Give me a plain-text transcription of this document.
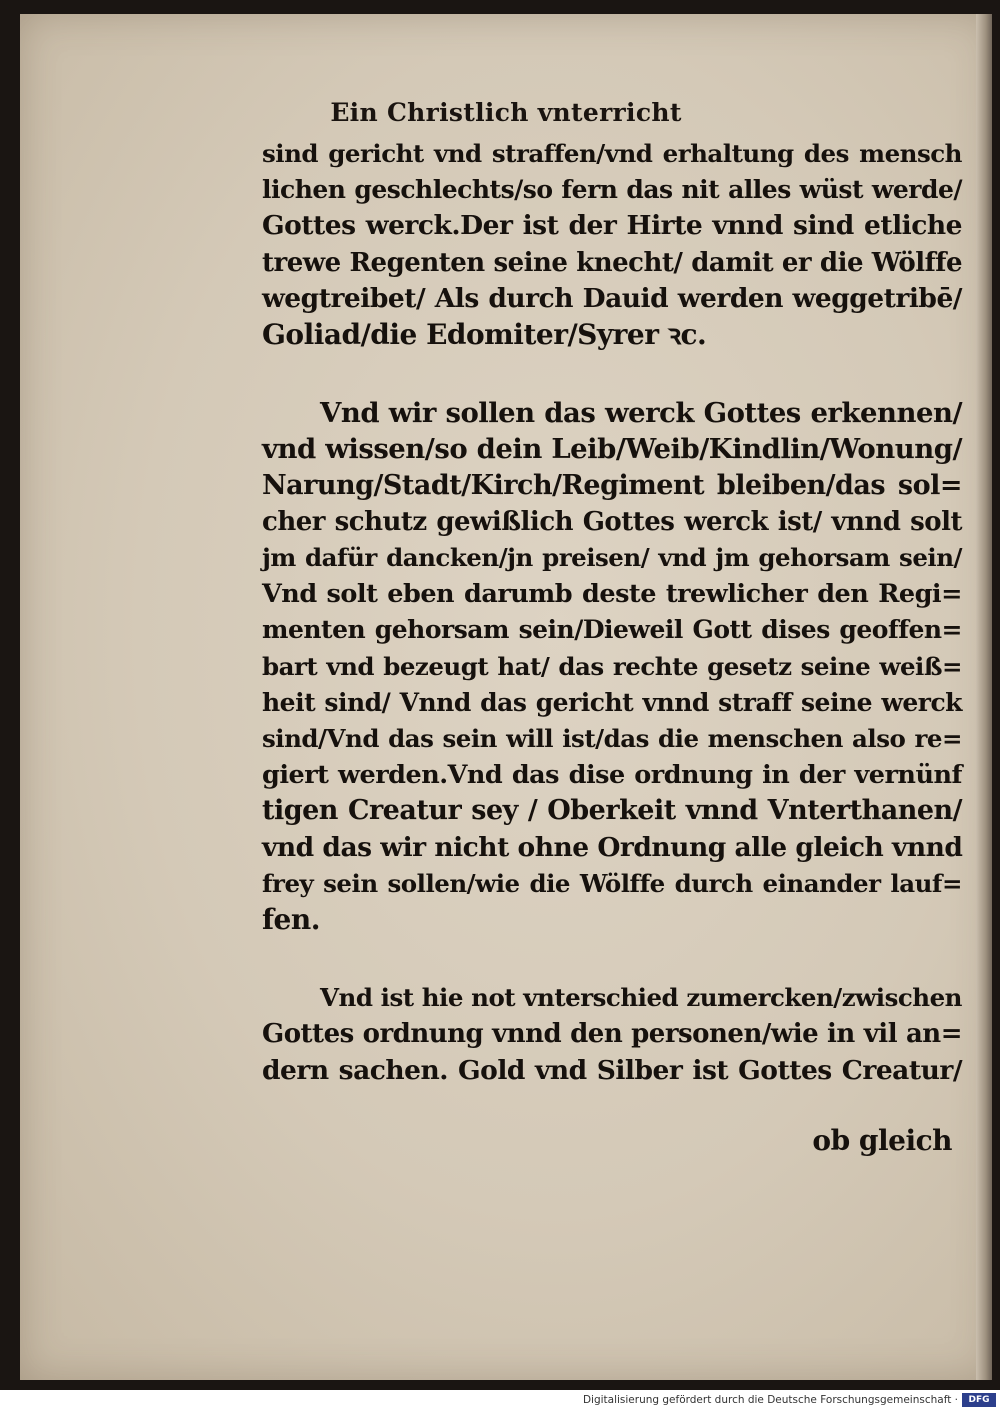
Ein Christlich vnterricht

sind gericht vnd straffen/vnd erhaltung des mensch
lichen geschlechts/so fern das nit alles wüst werde/
Gottes werck.Der ist der Hirte vnnd sind etliche
trewe Regenten seine knecht/ damit er die Wölffe
wegtreibet/ Als durch Dauid werden weggetribē/
Goliad/die Edomiter/Syrer ꝛc.

Vnd wir sollen das werck Gottes erkennen/
vnd wissen/so dein Leib/Weib/Kindlin/Wonung/
Narung/Stadt/Kirch/Regiment bleiben/das sol=
cher schutz gewißlich Gottes werck ist/ vnnd solt
jm dafür dancken/jn preisen/ vnd jm gehorsam sein/
Vnd solt eben darumb deste trewlicher den Regi=
menten gehorsam sein/Dieweil Gott dises geoffen=
bart vnd bezeugt hat/ das rechte gesetz seine weiß=
heit sind/ Vnnd das gericht vnnd straff seine werck
sind/Vnd das sein will ist/das die menschen also re=
giert werden.Vnd das dise ordnung in der vernünf
tigen Creatur sey / Oberkeit vnnd Vnterthanen/
vnd das wir nicht ohne Ordnung alle gleich vnnd
frey sein sollen/wie die Wölffe durch einander lauf=
fen.

Vnd ist hie not vnterschied zumercken/zwischen
Gottes ordnung vnnd den personen/wie in vil an=
dern sachen. Gold vnd Silber ist Gottes Creatur/

ob gleich
Digitalisierung gefördert durch die Deutsche Forschungsgemeinschaft ·	DFG
